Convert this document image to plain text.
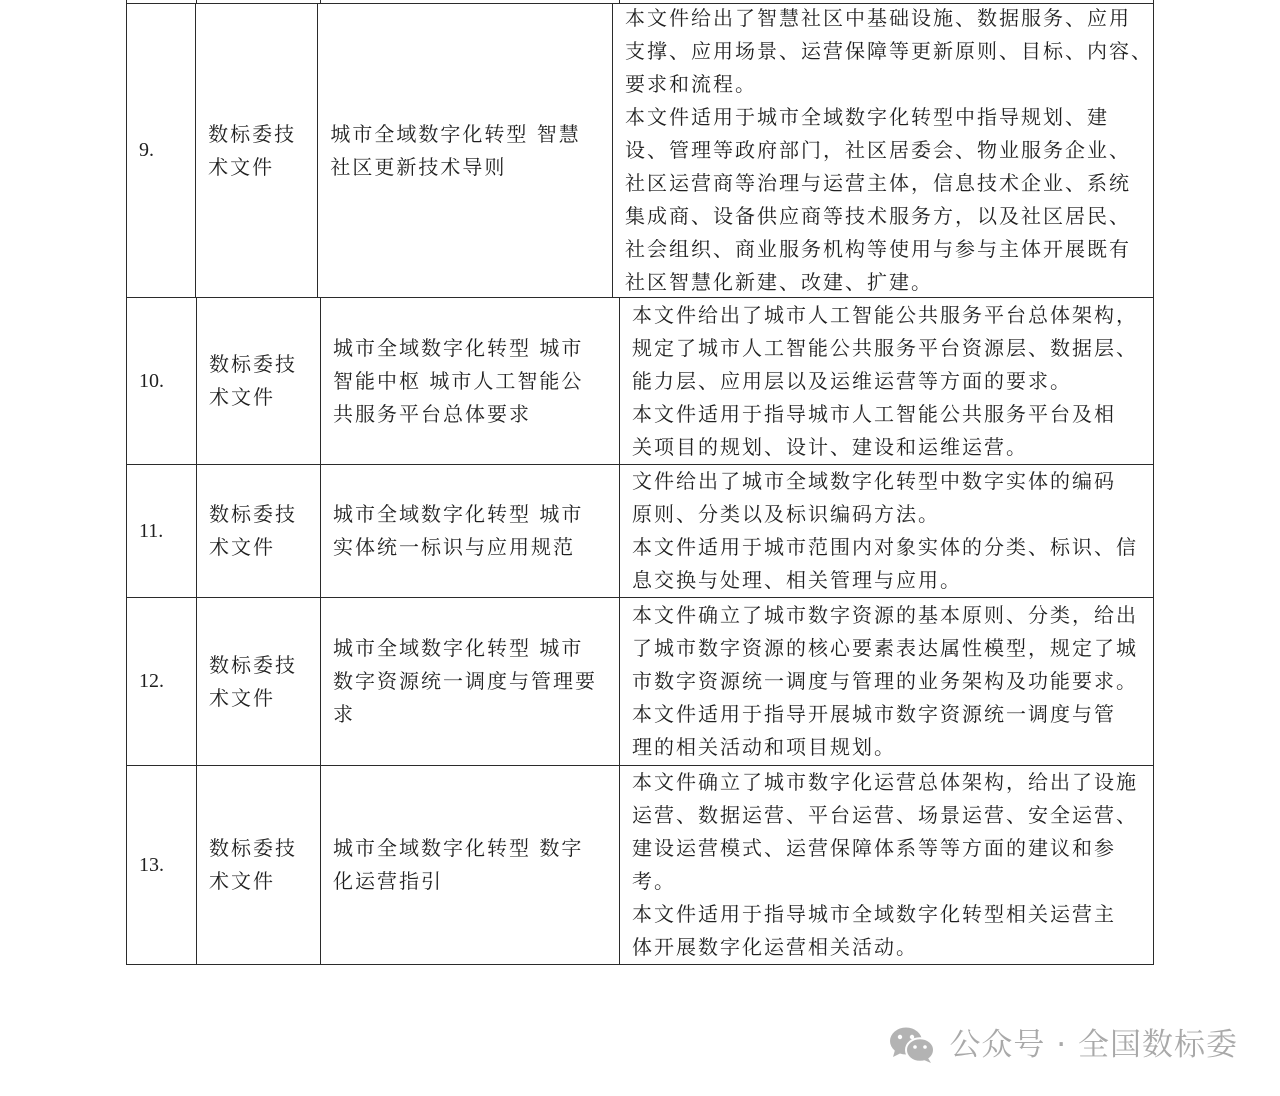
9.
数标委技
术文件
城市全域数字化转型 智慧
社区更新技术导则
本文件给出了智慧社区中基础设施、数据服务、应用
支撑、应用场景、运营保障等更新原则、目标、内容、
要求和流程。
本文件适用于城市全域数字化转型中指导规划、建
设、管理等政府部门，社区居委会、物业服务企业、
社区运营商等治理与运营主体，信息技术企业、系统
集成商、设备供应商等技术服务方，以及社区居民、
社会组织、商业服务机构等使用与参与主体开展既有
社区智慧化新建、改建、扩建。
10.
数标委技
术文件
城市全域数字化转型 城市
智能中枢 城市人工智能公
共服务平台总体要求
本文件给出了城市人工智能公共服务平台总体架构，
规定了城市人工智能公共服务平台资源层、数据层、
能力层、应用层以及运维运营等方面的要求。
本文件适用于指导城市人工智能公共服务平台及相
关项目的规划、设计、建设和运维运营。
11.
数标委技
术文件
城市全域数字化转型 城市
实体统一标识与应用规范
文件给出了城市全域数字化转型中数字实体的编码
原则、分类以及标识编码方法。
本文件适用于城市范围内对象实体的分类、标识、信
息交换与处理、相关管理与应用。
12.
数标委技
术文件
城市全域数字化转型 城市
数字资源统一调度与管理要
求
本文件确立了城市数字资源的基本原则、分类，给出
了城市数字资源的核心要素表达属性模型，规定了城
市数字资源统一调度与管理的业务架构及功能要求。
本文件适用于指导开展城市数字资源统一调度与管
理的相关活动和项目规划。
13.
数标委技
术文件
城市全域数字化转型 数字
化运营指引
本文件确立了城市数字化运营总体架构，给出了设施
运营、数据运营、平台运营、场景运营、安全运营、
建设运营模式、运营保障体系等等方面的建议和参
考。
本文件适用于指导城市全域数字化转型相关运营主
体开展数字化运营相关活动。
公众号 · 全国数标委
